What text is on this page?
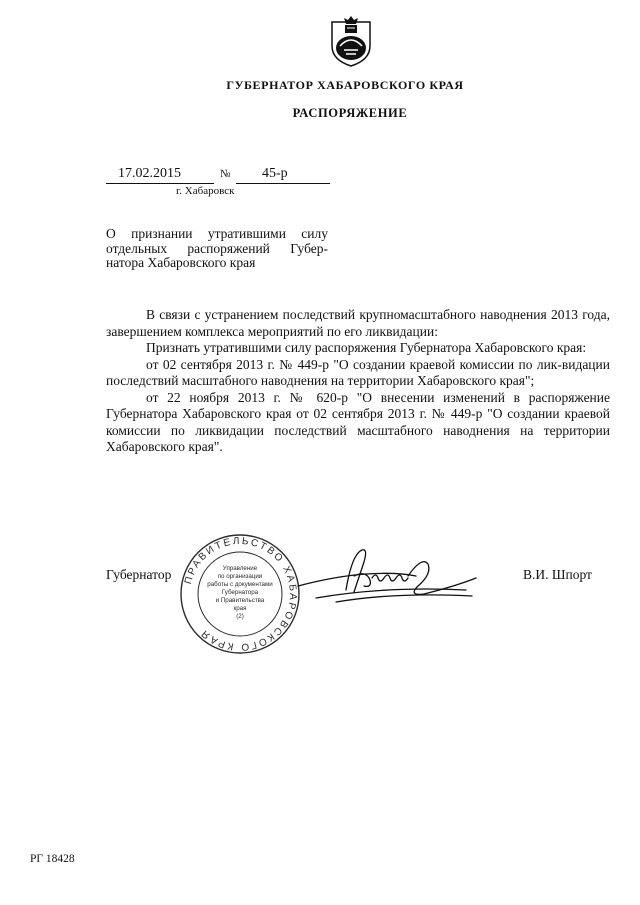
ГУБЕРНАТОР ХАБАРОВСКОГО КРАЯ
РАСПОРЯЖЕНИЕ
17.02.2015	№ 45-р
г. Хабаровск
О признании утратившими силу отдельных распоряжений Губер-натора Хабаровского края

В связи с устранением последствий крупномасштабного наводнения 2013 года, завершением комплекса мероприятий по его ликвидации:

Признать утратившими силу распоряжения Губернатора Хабаровского края:

от 02 сентября 2013 г. № 449-р "О создании краевой комиссии по лик-видации последствий масштабного наводнения на территории Хабаровского края";

от 22 ноября 2013 г. № 620-р "О внесении изменений в распоряжение Губернатора Хабаровского края от 02 сентября 2013 г. № 449-р "О создании краевой комиссии по ликвидации последствий масштабного наводнения на территории Хабаровского края".

Губернатор	В.И. Шпорт
ПРАВИТЕЛЬСТВО ХАБАРОВСКОГО КРАЯ
Управление
по организации
работы с документами
Губернатора
и Правительства
края
(2)
РГ 18428
